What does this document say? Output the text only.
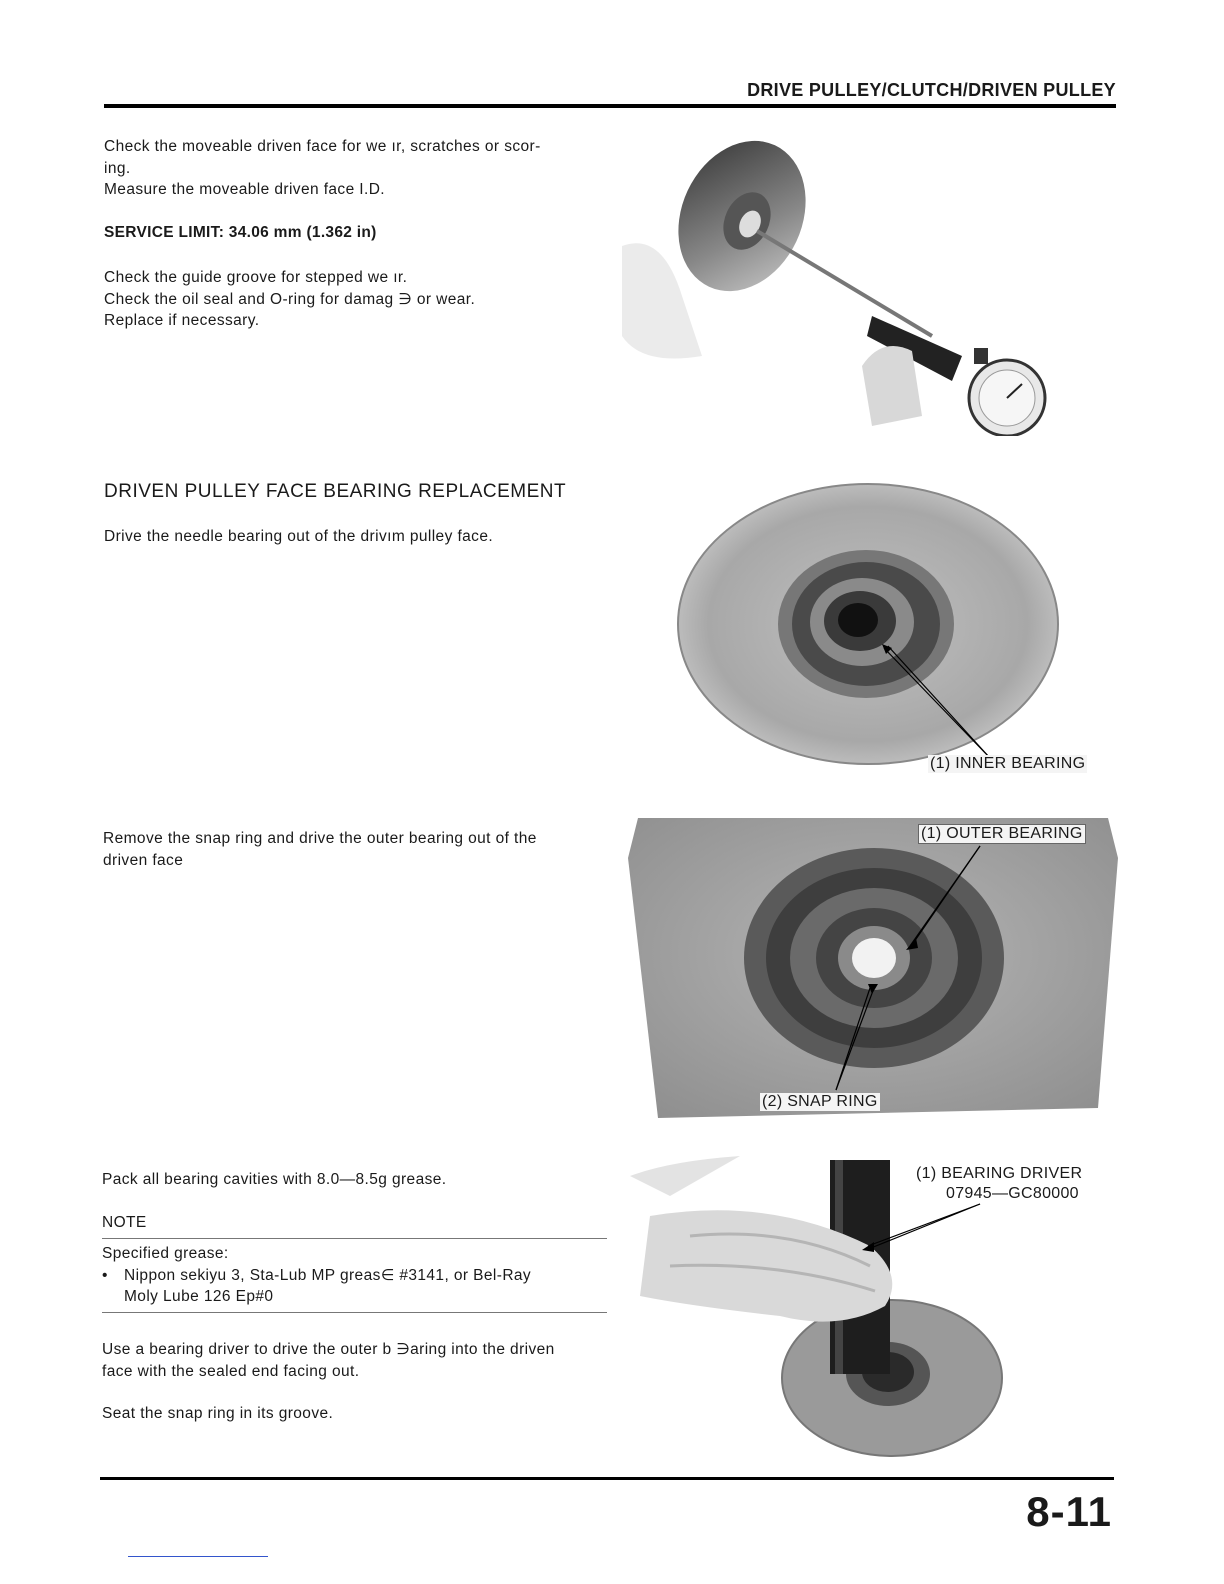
DRIVE PULLEY/CLUTCH/DRIVEN PULLEY
Check the moveable driven face for we ır, scratches or scor-
ing.
Measure the moveable driven face I.D.
SERVICE LIMIT: 34.06 mm (1.362 in)
Check the guide groove for stepped we ır.
Check the oil seal and O-ring for damag ∋ or wear.
Replace if necessary.
DRIVEN PULLEY FACE BEARING REPLACEMENT
Drive the needle bearing out of the drivım pulley face.
(1) INNER BEARING
Remove the snap ring and drive the outer bearing out of the
driven face
(1) OUTER BEARING
(2) SNAP RING
Pack all bearing cavities with 8.0—8.5g grease.
NOTE
Specified grease:
• Nippon sekiyu 3, Sta-Lub MP greas∈ #3141, or Bel-Ray
Moly Lube 126 Ep#0
Use a bearing driver to drive the outer b ∋aring into the driven
face with the sealed end facing out.
Seat the snap ring in its groove.
(1) BEARING DRIVER
07945—GC80000
8-11
